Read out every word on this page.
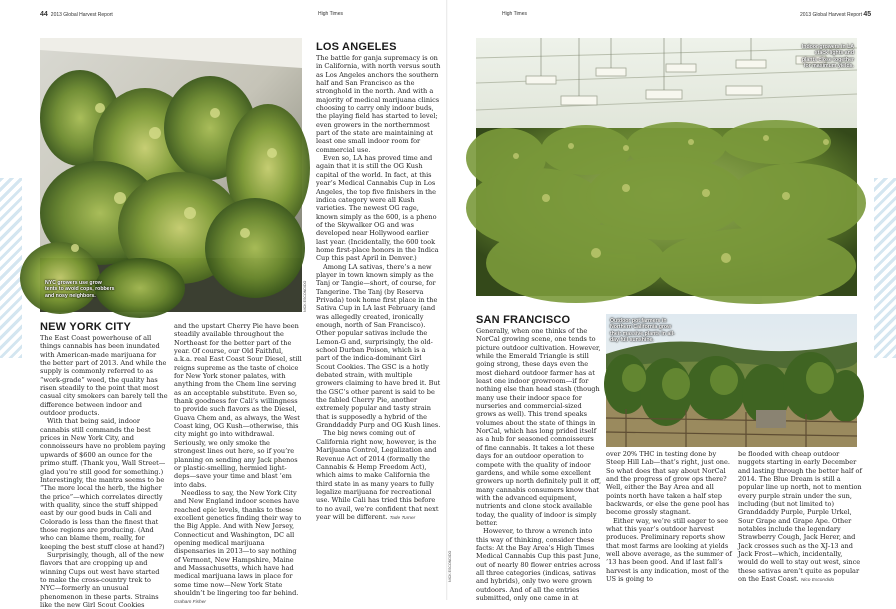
44 2013 Global Harvest Report	High Times
NYC growers use grow tents to avoid cops, robbers and nosy neighbors.	NICK ESCONDIDO
LOS ANGELES

The battle for ganja supremacy is on in California, with north versus south as Los Angeles anchors the southern half and San Francisco as the stronghold in the north. And with a majority of medical marijuana clinics choosing to carry only indoor buds, the playing field has started to level; even growers in the northernmost part of the state are maintaining at least one small indoor room for commercial use.

Even so, LA has proved time and again that it is still the OG Kush capital of the world. In fact, at this year’s Medical Cannabis Cup in Los Angeles, the top five finishers in the indica category were all Kush varieties. The newest OG rage, known simply as the 600, is a pheno of the Skywalker OG and was developed near Hollywood earlier last year. (Incidentally, the 600 took home first-place honors in the Indica Cup this past April in Denver.)

Among LA sativas, there’s a new player in town known simply as the Tanj or Tangie—short, of course, for Tangerine. The Tanj (by Reserva Privada) took home first place in the Sativa Cup in LA last February (and was allegedly created, ironically enough, north of San Francisco). Other popular sativas include the Lemon-G and, surprisingly, the old-school Durban Poison, which is a part of the indica-dominant Girl Scout Cookies. The GSC is a hotly debated strain, with multiple growers claiming to have bred it. But the GSC’s other parent is said to be the fabled Cherry Pie, another extremely popular and tasty strain that is supposedly a hybrid of the Granddaddy Purp and OG Kush lines.

The big news coming out of California right now, however, is the Marijuana Control, Legalization and Revenue Act of 2014 (formally the Cannabis & Hemp Freedom Act), which aims to make California the third state in as many years to fully legalize marijuana for recreational use. While Cali has tried this before to no avail, we’re confident that next year will be different. Tade Turner

NEW YORK CITY

The East Coast powerhouse of all things cannabis has been inundated with American-made marijuana for the better part of 2013. And while the supply is commonly referred to as “work-grade” weed, the quality has risen steadily to the point that most casual city smokers can barely tell the difference between indoor and outdoor products.

With that being said, indoor cannabis still commands the best prices in New York City, and connoisseurs have no problem paying upwards of $600 an ounce for the primo stuff. (Thank you, Wall Street—glad you’re still good for something.) Interestingly, the mantra seems to be “The more local the herb, the higher the price”—which correlates directly with quality, since the stuff shipped east by our good buds in Cali and Colorado is less than the finest that those regions are producing. (And who can blame them, really, for keeping the best stuff close at hand?)

Surprisingly, though, all of the new flavors that are cropping up and winning Cups out west have started to make the cross-country trek to NYC—formerly an unusual phenomenon in these parts. Strains like the new Girl Scout Cookies

and the upstart Cherry Pie have been steadily available throughout the Northeast for the better part of the year. Of course, our Old Faithful, a.k.a. real East Coast Sour Diesel, still reigns supreme as the taste of choice for New York stoner palates, with anything from the Chem line serving as an acceptable substitute. Even so, thank goodness for Cali’s willingness to provide such flavors as the Diesel, Guava Chem and, as always, the West Coast king, OG Kush—otherwise, this city might go into withdrawal. Seriously, we only smoke the strongest lines out here, so if you’re planning on sending any Jack phenos or plastic-smelling, hermied light-deps—save your time and blast ’em into dabs.

Needless to say, the New York City and New England indoor scenes have reached epic levels, thanks to these excellent genetics finding their way to the Big Apple. And with New Jersey, Connecticut and Washington, DC all opening medical marijuana dispensaries in 2013—to say nothing of Vermont, New Hampshire, Maine and Massachusetts, which have had medical marijuana laws in place for some time now—New York State shouldn’t be lingering too far behind. Graham Fisher

High Times	2013 Global Harvest Report 45
Indoor growers in LA stack lights and plants close together for maximum yields.
Outdoor pot farmers in Northern California grow their massive plants in all-day full sunshine.
SAN FRANCISCO

Generally, when one thinks of the NorCal growing scene, one tends to picture outdoor cultivation. However, while the Emerald Triangle is still going strong, these days even the most diehard outdoor farmer has at least one indoor growroom—if for nothing else than head stash (though many use their indoor space for nurseries and commercial-sized grows as well). This trend speaks volumes about the state of things in NorCal, which has long prided itself as a hub for seasoned connoisseurs of fine cannabis. It takes a lot these days for an outdoor operation to compete with the quality of indoor gardens, and while some excellent growers up north definitely pull it off, many cannabis consumers know that with the advanced equipment, nutrients and clone stock available today, the quality of indoor is simply better.

However, to throw a wrench into this way of thinking, consider these facts: At the Bay Area’s High Times Medical Cannabis Cup this past June, out of nearly 80 flower entries across all three categories (indicas, sativas and hybrids), only two were grown outdoors. And of all the entries submitted, only one came in at

NICK ESCONDIDO

over 20% THC in testing done by Steep Hill Lab—that’s right, just one. So what does that say about NorCal and the progress of grow ops there? Well, either the Bay Area and all points north have taken a half step backwards, or else the gene pool has become grossly stagnant.

Either way, we’re still eager to see what this year’s outdoor harvest produces. Preliminary reports show that most farms are looking at yields well above average, as the summer of ’13 has been good. And if last fall’s harvest is any indication, most of the US is going to

be flooded with cheap outdoor nuggets starting in early December and lasting through the better half of 2014. The Blue Dream is still a popular line up north, not to mention every purple strain under the sun, including (but not limited to) Granddaddy Purple, Purple Urkel, Sour Grape and Grape Ape. Other notables include the legendary Strawberry Cough, Jack Herer, and Jack crosses such as the XJ-13 and Jack Frost—which, incidentally, would do well to stay out west, since these sativas aren’t quite as popular on the East Coast. Nico Escondido
